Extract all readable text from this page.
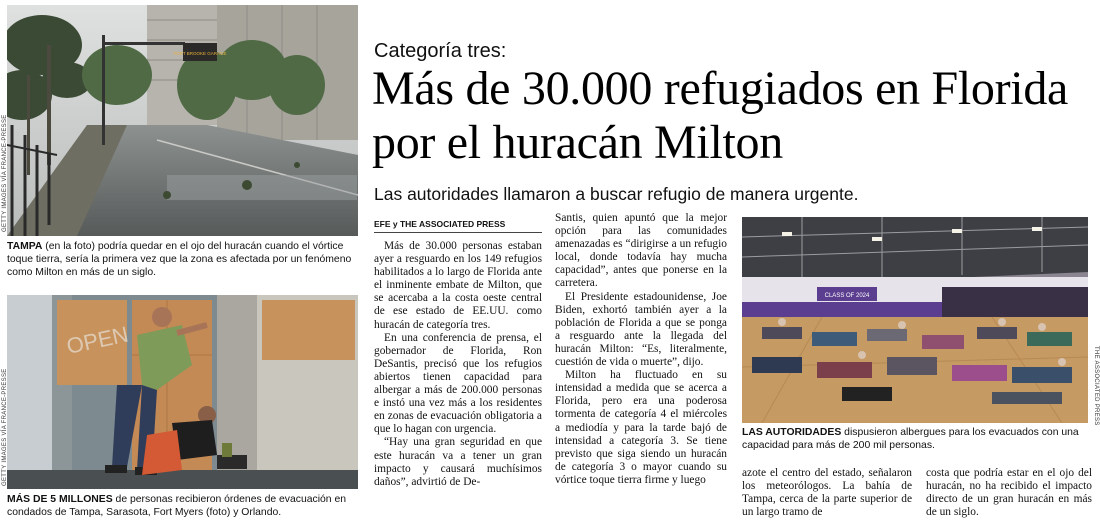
FORT BROOKE GARAGE
GETTY IMAGES VÍA FRANCE-PRESSE
TAMPA (en la foto) podría quedar en el ojo del huracán cuando el vórtice toque tierra, sería la primera vez que la zona es afectada por un fenómeno como Milton en más de un siglo.
OPEN
GETTY IMAGES VÍA FRANCE-PRESSE
MÁS DE 5 MILLONES de personas recibieron órdenes de evacuación en condados de Tampa, Sarasota, Fort Myers (foto) y Orlando.
Categoría tres:
Más de 30.000 refugiados en Florida por el huracán Milton
Las autoridades llamaron a buscar refugio de manera urgente.
EFE y THE ASSOCIATED PRESS

Más de 30.000 personas estaban ayer a resguardo en los 149 refugios habilitados a lo largo de Florida ante el inminente embate de Milton, que se acercaba a la costa oeste central de ese estado de EE.UU. como huracán de categoría tres.

En una conferencia de prensa, el gobernador de Florida, Ron DeSantis, precisó que los refugios abiertos tienen capacidad para albergar a más de 200.000 personas e instó una vez más a los residentes en zonas de evacuación obligatoria a que lo hagan con urgencia.

“Hay una gran seguridad en que este huracán va a tener un gran impacto y causará muchísimos daños”, advirtió de De-

Santis, quien apuntó que la mejor opción para las comunidades amenazadas es “dirigirse a un refugio local, donde todavía hay mucha capacidad”, antes que ponerse en la carretera.

El Presidente estadounidense, Joe Biden, exhortó también ayer a la población de Florida a que se ponga a resguardo ante la llegada del huracán Milton: “Es, literalmente, cuestión de vida o muerte”, dijo.

Milton ha fluctuado en su intensidad a medida que se acerca a Florida, pero era una poderosa tormenta de categoría 4 el miércoles a mediodía y para la tarde bajó de intensidad a categoría 3. Se tiene previsto que siga siendo un huracán de categoría 3 o mayor cuando su vórtice toque tierra firme y luego

CLASS OF 2024
THE ASSOCIATED PRESS
LAS AUTORIDADES dispusieron albergues para los evacuados con una capacidad para más de 200 mil personas.

azote el centro del estado, señalaron los meteorólogos. La bahía de Tampa, cerca de la parte superior de un largo tramo de

costa que podría estar en el ojo del huracán, no ha recibido el impacto directo de un gran huracán en más de un siglo.
